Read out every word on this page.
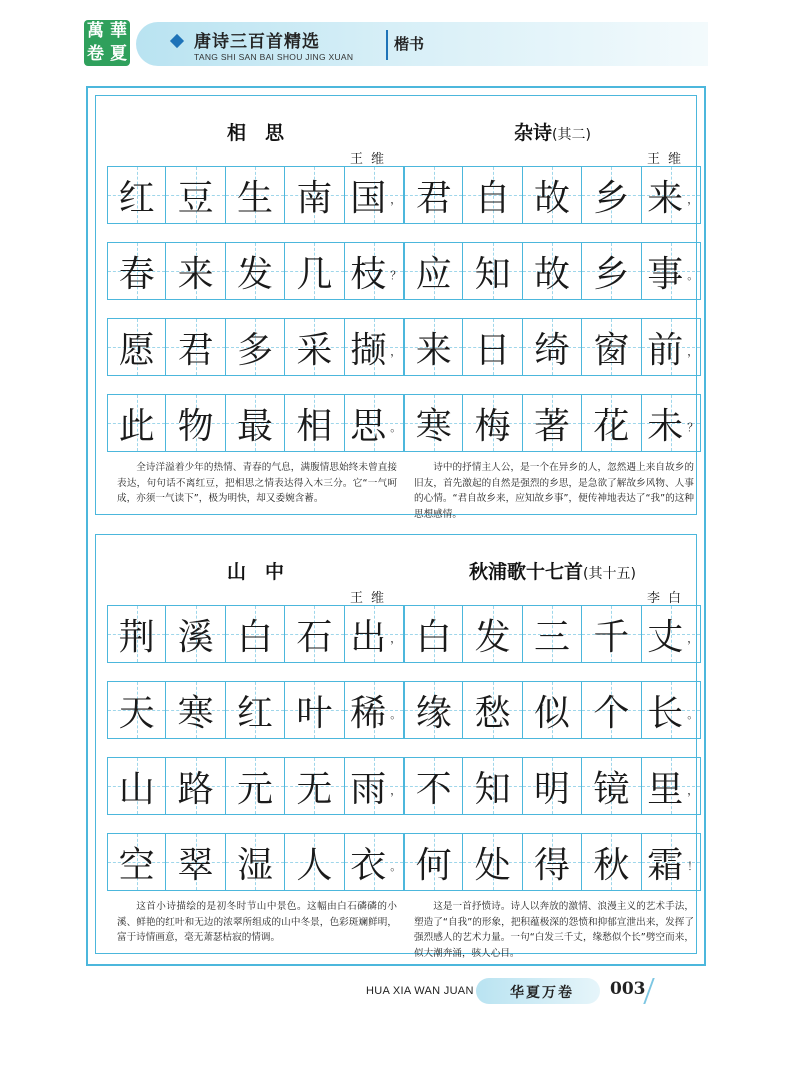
萬 華
卷 夏
唐诗三百首精选
TANG SHI SAN BAI SHOU JING XUAN
楷书
相　思
王维
红 豆 生 南 国 ，
春 来 发 几 枝 ？
愿 君 多 采 撷 ，
此 物 最 相 思 。
全诗洋溢着少年的热情、青春的气息，满腹情思始终未曾直接表达，句句话不离红豆，把相思之情表达得入木三分。它“一气呵成，亦须一气读下”，极为明快，却又委婉含蓄。
杂诗(其二)
王维
君 自 故 乡 来 ，
应 知 故 乡 事 。
来 日 绮 窗 前 ，
寒 梅 著 花 未 ？
诗中的抒情主人公，是一个在异乡的人，忽然遇上来自故乡的旧友，首先激起的自然是强烈的乡思，是急欲了解故乡风物、人事的心情。“君自故乡来，应知故乡事”，便传神地表达了“我”的这种思想感情。
山　中
王维
荆 溪 白 石 出 ，
天 寒 红 叶 稀 。
山 路 元 无 雨 ，
空 翠 湿 人 衣 。
这首小诗描绘的是初冬时节山中景色。这幅由白石磷磷的小溪、鲜艳的红叶和无边的浓翠所组成的山中冬景，色彩斑斓鲜明，富于诗情画意，毫无萧瑟枯寂的情调。
秋浦歌十七首(其十五)
李白
白 发 三 千 丈 ，
缘 愁 似 个 长 。
不 知 明 镜 里 ，
何 处 得 秋 霜 ！
这是一首抒愤诗。诗人以奔放的激情、浪漫主义的艺术手法，塑造了“自我”的形象，把积蕴极深的怨愤和抑郁宣泄出来，发挥了强烈感人的艺术力量。一句“白发三千丈，缘愁似个长”劈空而来，似大潮奔涌，骇人心目。
HUA XIA WAN JUAN	华夏万卷 003
